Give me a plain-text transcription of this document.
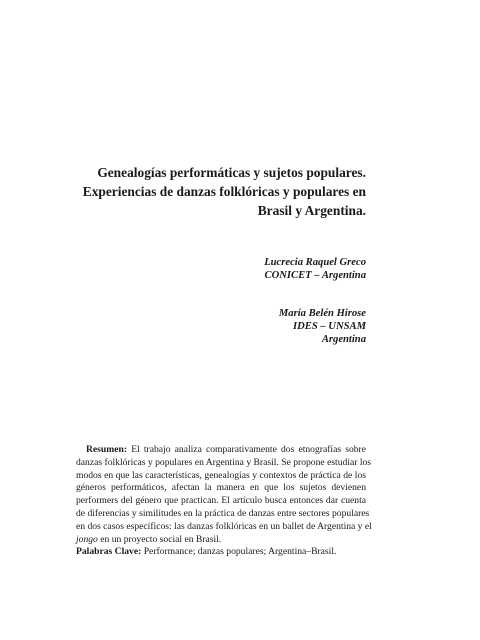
Genealogías performáticas y sujetos populares.
Experiencias de danzas folklóricas y populares en
Brasil y Argentina.
Lucrecia Raquel Greco
CONICET – Argentina
María Belén Hirose
IDES – UNSAM
Argentina
Resumen: El trabajo analiza comparativamente dos etnografías sobre
danzas folklóricas y populares en Argentina y Brasil. Se propone estudiar los
modos en que las características, genealogías y contextos de práctica de los
géneros performáticos, afectan la manera en que los sujetos devienen
performers del género que practican. El artículo busca entonces dar cuenta
de diferencias y similitudes en la práctica de danzas entre sectores populares
en dos casos específicos: las danzas folklóricas en un ballet de Argentina y el
jongo en un proyecto social en Brasil.
Palabras Clave: Performance; danzas populares; Argentina–Brasil.
